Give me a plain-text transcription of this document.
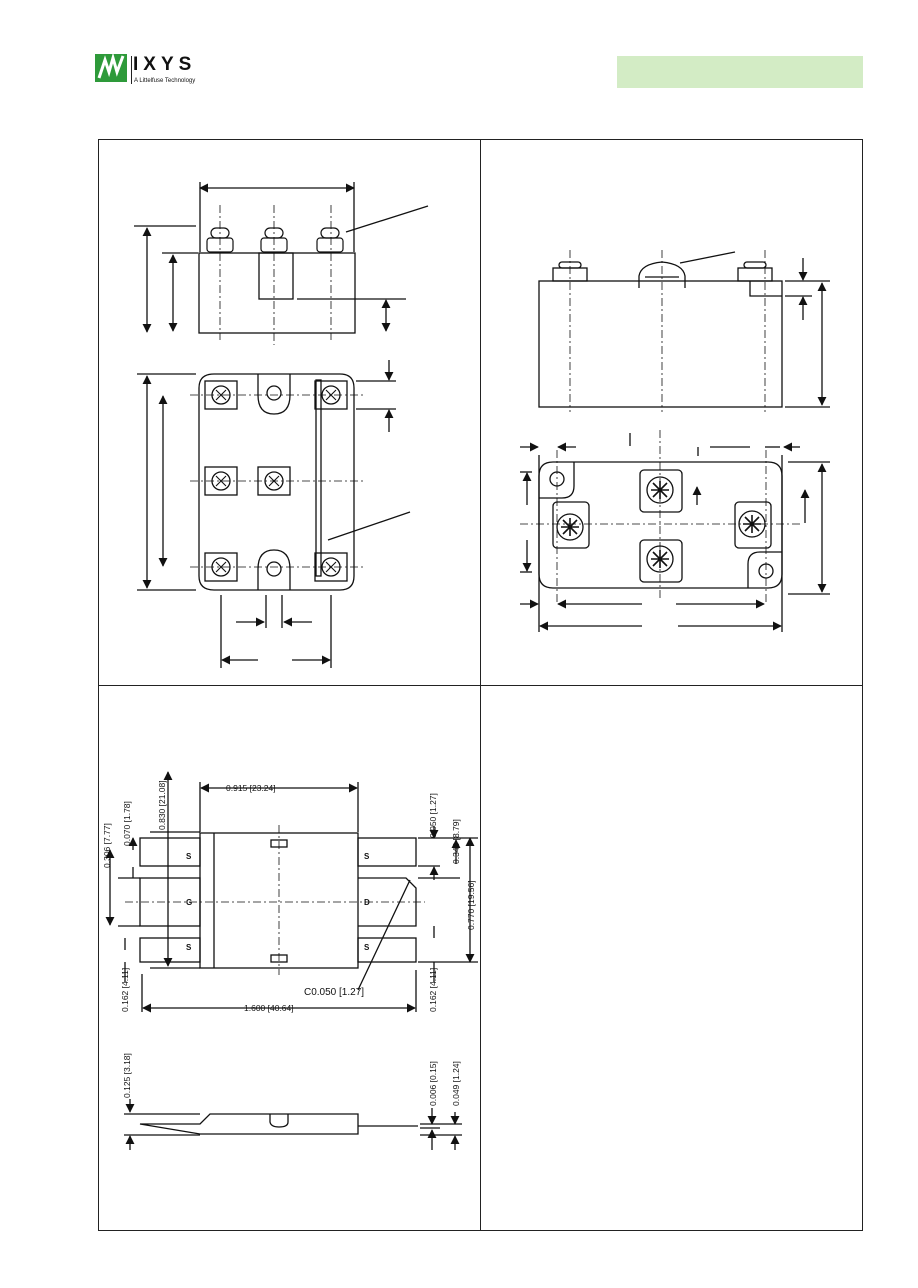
IXYS
A Littelfuse Technology
0.915 [23.24]
0.830 [21.08]
0.070 [1.78]
0.306 [7.77]
0.050 [1.27]
0.346 [8.79]
0.770 [19.56]
0.162 [4.11]	0.162 [4.11]
1.600 [40.64]
C0.050 [1.27]
S
G
S
S
D
S
0.125 [3.18]	0.006 [0.15] 0.049 [1.24]
